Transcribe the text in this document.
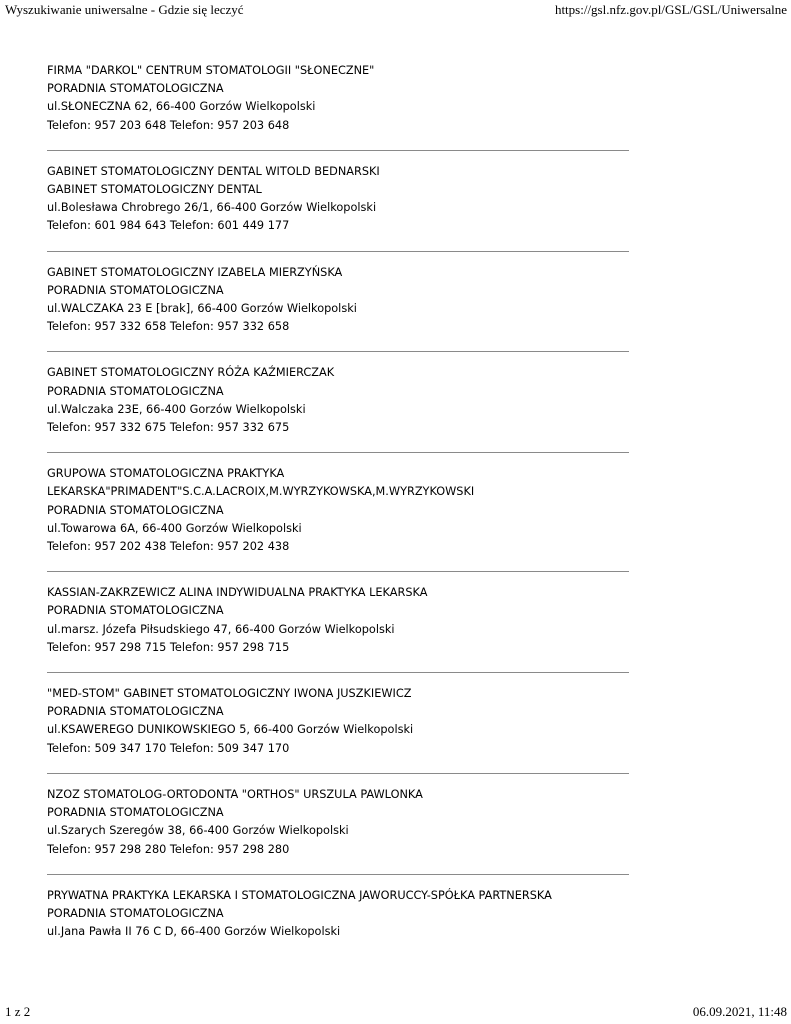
Wyszukiwanie uniwersalne - Gdzie się leczyć	https://gsl.nfz.gov.pl/GSL/GSL/Uniwersalne
FIRMA "DARKOL" CENTRUM STOMATOLOGII "SŁONECZNE"
PORADNIA STOMATOLOGICZNA
ul.SŁONECZNA 62, 66-400 Gorzów Wielkopolski
Telefon: 957 203 648 Telefon: 957 203 648
GABINET STOMATOLOGICZNY DENTAL WITOLD BEDNARSKI
GABINET STOMATOLOGICZNY DENTAL
ul.Bolesława Chrobrego 26/1, 66-400 Gorzów Wielkopolski
Telefon: 601 984 643 Telefon: 601 449 177
GABINET STOMATOLOGICZNY IZABELA MIERZYŃSKA
PORADNIA STOMATOLOGICZNA
ul.WALCZAKA 23 E [brak], 66-400 Gorzów Wielkopolski
Telefon: 957 332 658 Telefon: 957 332 658
GABINET STOMATOLOGICZNY RÓŻA KAŹMIERCZAK
PORADNIA STOMATOLOGICZNA
ul.Walczaka 23E, 66-400 Gorzów Wielkopolski
Telefon: 957 332 675 Telefon: 957 332 675
GRUPOWA STOMATOLOGICZNA PRAKTYKA
LEKARSKA"PRIMADENT"S.C.A.LACROIX,M.WYRZYKOWSKA,M.WYRZYKOWSKI
PORADNIA STOMATOLOGICZNA
ul.Towarowa 6A, 66-400 Gorzów Wielkopolski
Telefon: 957 202 438 Telefon: 957 202 438
KASSIAN-ZAKRZEWICZ ALINA INDYWIDUALNA PRAKTYKA LEKARSKA
PORADNIA STOMATOLOGICZNA
ul.marsz. Józefa Piłsudskiego 47, 66-400 Gorzów Wielkopolski
Telefon: 957 298 715 Telefon: 957 298 715
"MED-STOM" GABINET STOMATOLOGICZNY IWONA JUSZKIEWICZ
PORADNIA STOMATOLOGICZNA
ul.KSAWEREGO DUNIKOWSKIEGO 5, 66-400 Gorzów Wielkopolski
Telefon: 509 347 170 Telefon: 509 347 170
NZOZ STOMATOLOG-ORTODONTA "ORTHOS" URSZULA PAWLONKA
PORADNIA STOMATOLOGICZNA
ul.Szarych Szeregów 38, 66-400 Gorzów Wielkopolski
Telefon: 957 298 280 Telefon: 957 298 280
PRYWATNA PRAKTYKA LEKARSKA I STOMATOLOGICZNA JAWORUCCY-SPÓŁKA PARTNERSKA
PORADNIA STOMATOLOGICZNA
ul.Jana Pawła II 76 C D, 66-400 Gorzów Wielkopolski
1 z 2	06.09.2021, 11:48
